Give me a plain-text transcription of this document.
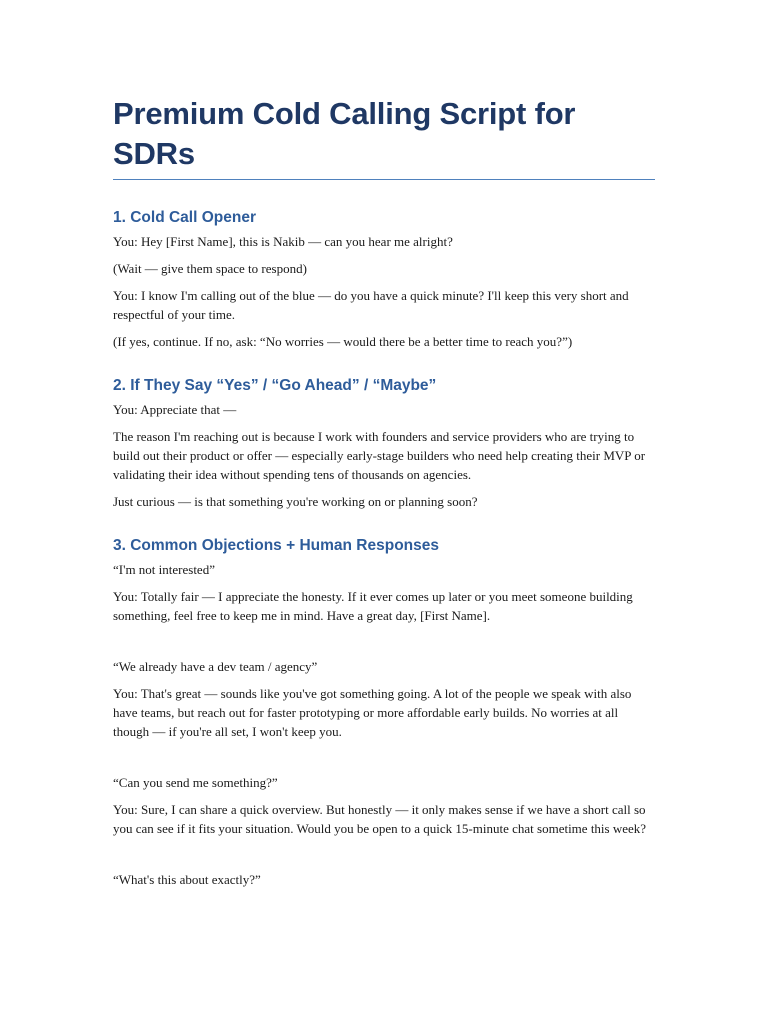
Premium Cold Calling Script for SDRs
1. Cold Call Opener

You: Hey [First Name], this is Nakib — can you hear me alright?

(Wait — give them space to respond)

You: I know I'm calling out of the blue — do you have a quick minute? I'll keep this very short and respectful of your time.

(If yes, continue. If no, ask: “No worries — would there be a better time to reach you?”)

2. If They Say “Yes” / “Go Ahead” / “Maybe”

You: Appreciate that —

The reason I'm reaching out is because I work with founders and service providers who are trying to build out their product or offer — especially early-stage builders who need help creating their MVP or validating their idea without spending tens of thousands on agencies.

Just curious — is that something you're working on or planning soon?

3. Common Objections + Human Responses

“I'm not interested”

You: Totally fair — I appreciate the honesty. If it ever comes up later or you meet someone building something, feel free to keep me in mind. Have a great day, [First Name].

“We already have a dev team / agency”

You: That's great — sounds like you've got something going. A lot of the people we speak with also have teams, but reach out for faster prototyping or more affordable early builds. No worries at all though — if you're all set, I won't keep you.

“Can you send me something?”

You: Sure, I can share a quick overview. But honestly — it only makes sense if we have a short call so you can see if it fits your situation. Would you be open to a quick 15-minute chat sometime this week?

“What's this about exactly?”
